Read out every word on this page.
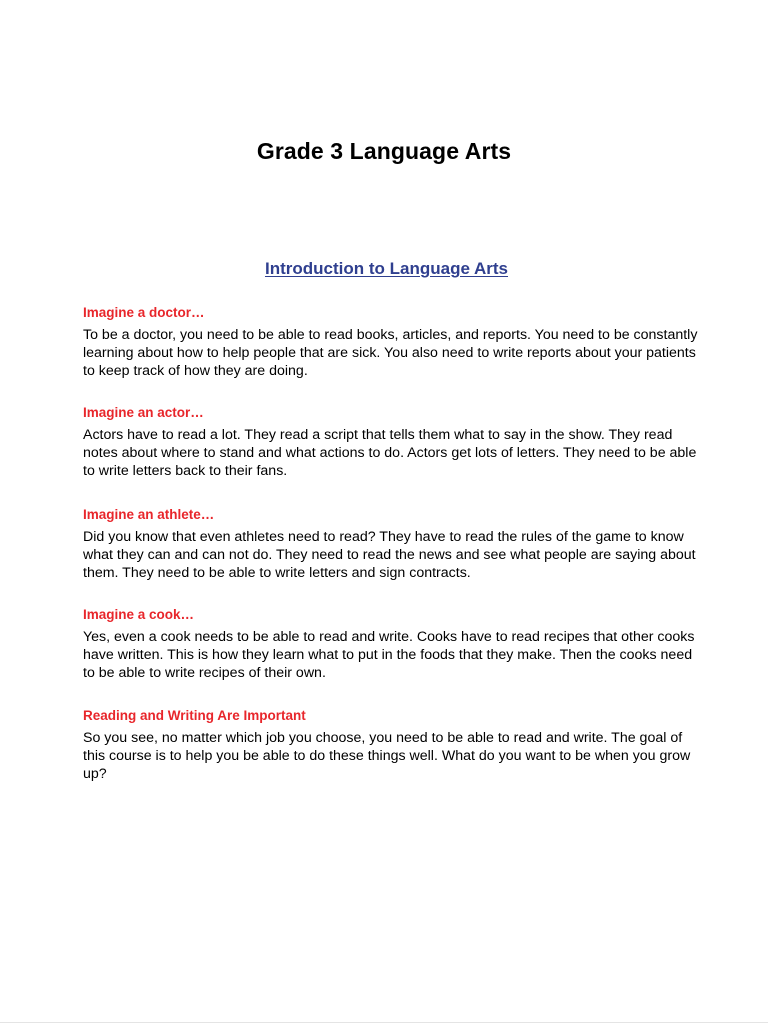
Grade 3 Language Arts
Introduction to Language Arts
Imagine a doctor…
To be a doctor, you need to be able to read books, articles, and reports. You need to be constantly learning about how to help people that are sick. You also need to write reports about your patients to keep track of how they are doing.
Imagine an actor…
Actors have to read a lot. They read a script that tells them what to say in the show. They read notes about where to stand and what actions to do. Actors get lots of letters. They need to be able to write letters back to their fans.
Imagine an athlete…
Did you know that even athletes need to read? They have to read the rules of the game to know what they can and can not do. They need to read the news and see what people are saying about them. They need to be able to write letters and sign contracts.
Imagine a cook…
Yes, even a cook needs to be able to read and write. Cooks have to read recipes that other cooks have written. This is how they learn what to put in the foods that they make. Then the cooks need to be able to write recipes of their own.
Reading and Writing Are Important
So you see, no matter which job you choose, you need to be able to read and write. The goal of this course is to help you be able to do these things well. What do you want to be when you grow up?
